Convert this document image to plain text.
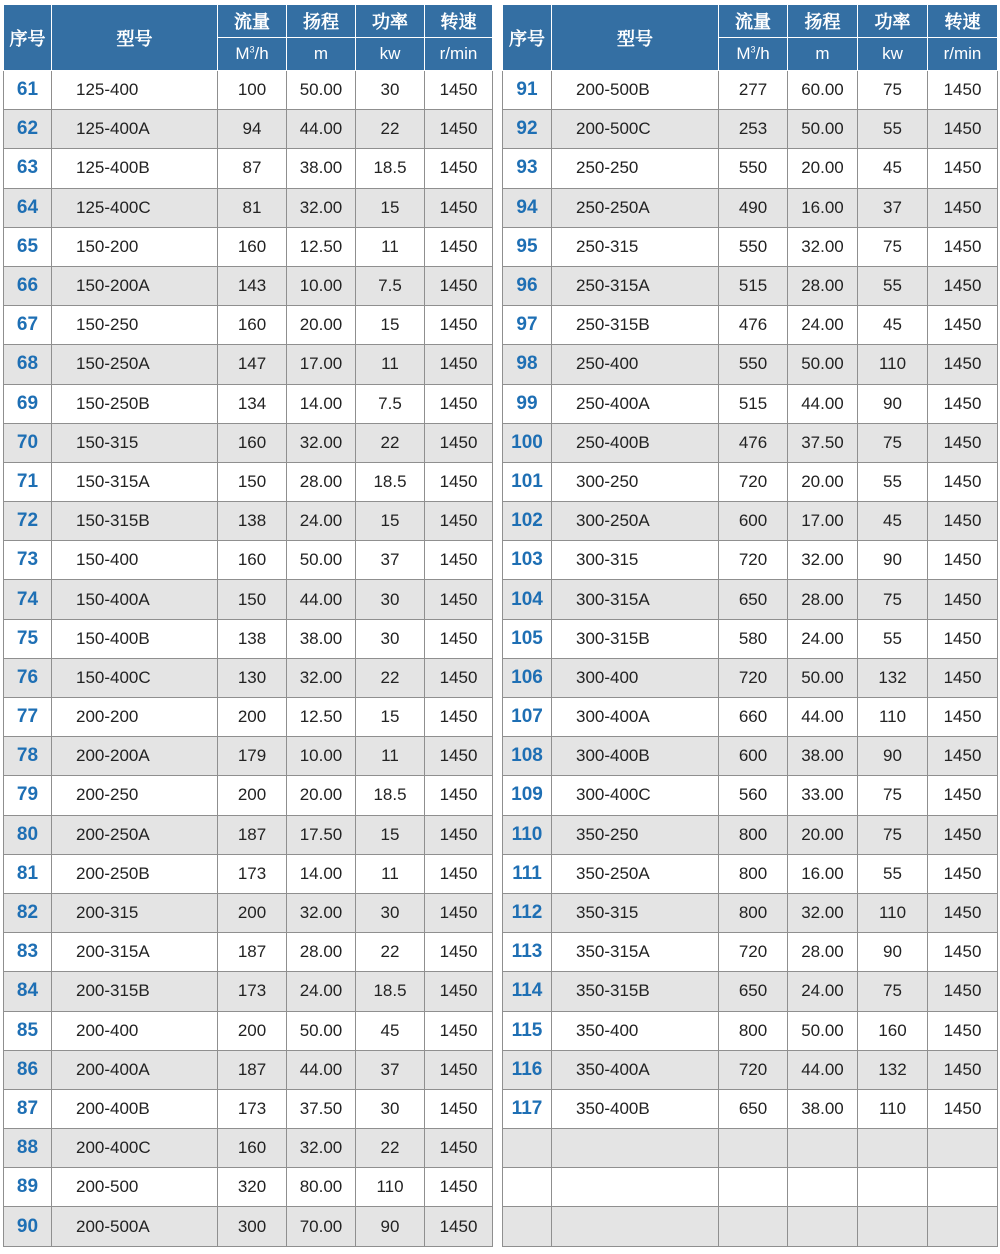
序号	型号	流量	扬程	功率	转速
		$M^3/h$	m	kw	r/min
61	125-400	100	50.00	30	1450
62	125-400A	94	44.00	22	1450
63	125-400B	87	38.00	18.5	1450
64	125-400C	81	32.00	15	1450
65	150-200	160	12.50	11	1450
66	150-200A	143	10.00	7.5	1450
67	150-250	160	20.00	15	1450
68	150-250A	147	17.00	11	1450
69	150-250B	134	14.00	7.5	1450
70	150-315	160	32.00	22	1450
71	150-315A	150	28.00	18.5	1450
72	150-315B	138	24.00	15	1450
73	150-400	160	50.00	37	1450
74	150-400A	150	44.00	30	1450
75	150-400B	138	38.00	30	1450
76	150-400C	130	32.00	22	1450
77	200-200	200	12.50	15	1450
78	200-200A	179	10.00	11	1450
79	200-250	200	20.00	18.5	1450
80	200-250A	187	17.50	15	1450
81	200-250B	173	14.00	11	1450
82	200-315	200	32.00	30	1450
83	200-315A	187	28.00	22	1450
84	200-315B	173	24.00	18.5	1450
85	200-400	200	50.00	45	1450
86	200-400A	187	44.00	37	1450
87	200-400B	173	37.50	30	1450
88	200-400C	160	32.00	22	1450
89	200-500	320	80.00	110	1450
90	200-500A	300	70.00	90	1450
序号	型号	流量	扬程	功率	转速
		$M^3/h$	m	kw	r/min
91	200-500B	277	60.00	75	1450
92	200-500C	253	50.00	55	1450
93	250-250	550	20.00	45	1450
94	250-250A	490	16.00	37	1450
95	250-315	550	32.00	75	1450
96	250-315A	515	28.00	55	1450
97	250-315B	476	24.00	45	1450
98	250-400	550	50.00	110	1450
99	250-400A	515	44.00	90	1450
100	250-400B	476	37.50	75	1450
101	300-250	720	20.00	55	1450
102	300-250A	600	17.00	45	1450
103	300-315	720	32.00	90	1450
104	300-315A	650	28.00	75	1450
105	300-315B	580	24.00	55	1450
106	300-400	720	50.00	132	1450
107	300-400A	660	44.00	110	1450
108	300-400B	600	38.00	90	1450
109	300-400C	560	33.00	75	1450
110	350-250	800	20.00	75	1450
111	350-250A	800	16.00	55	1450
112	350-315	800	32.00	110	1450
113	350-315A	720	28.00	90	1450
114	350-315B	650	24.00	75	1450
115	350-400	800	50.00	160	1450
116	350-400A	720	44.00	132	1450
117	350-400B	650	38.00	110	1450
